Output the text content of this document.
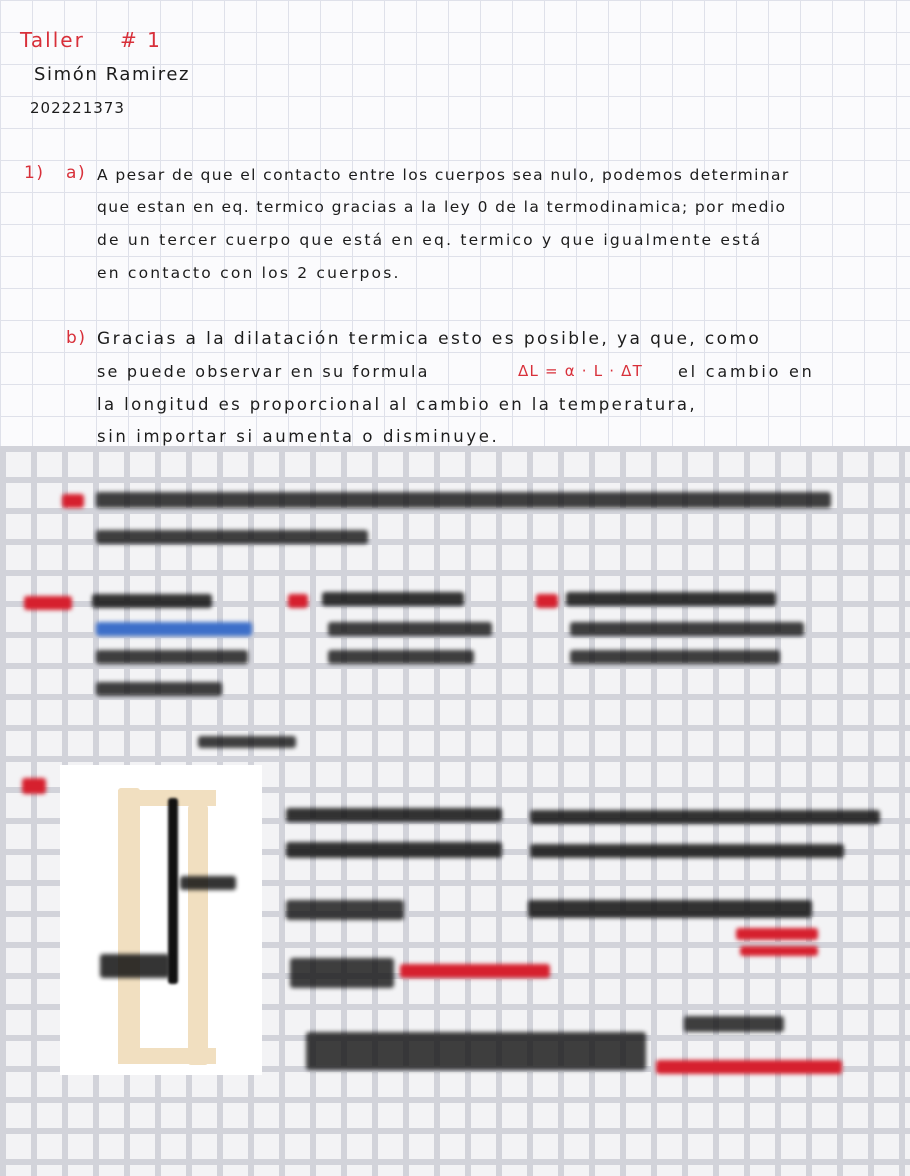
Taller # 1
Simón Ramirez
202221373
1) a) A pesar de que el contacto entre los cuerpos sea nulo, podemos determinar
que estan en eq. termico gracias a la ley 0 de la termodinamica; por medio
de un tercer cuerpo que está en eq. termico y que igualmente está
en contacto con los 2 cuerpos.
b) Gracias a la dilatación termica esto es posible, ya que, como
se puede observar en su formula	ΔL = α · L · ΔT el cambio en
la longitud es proporcional al cambio en la temperatura,
sin importar si aumenta o disminuye.
